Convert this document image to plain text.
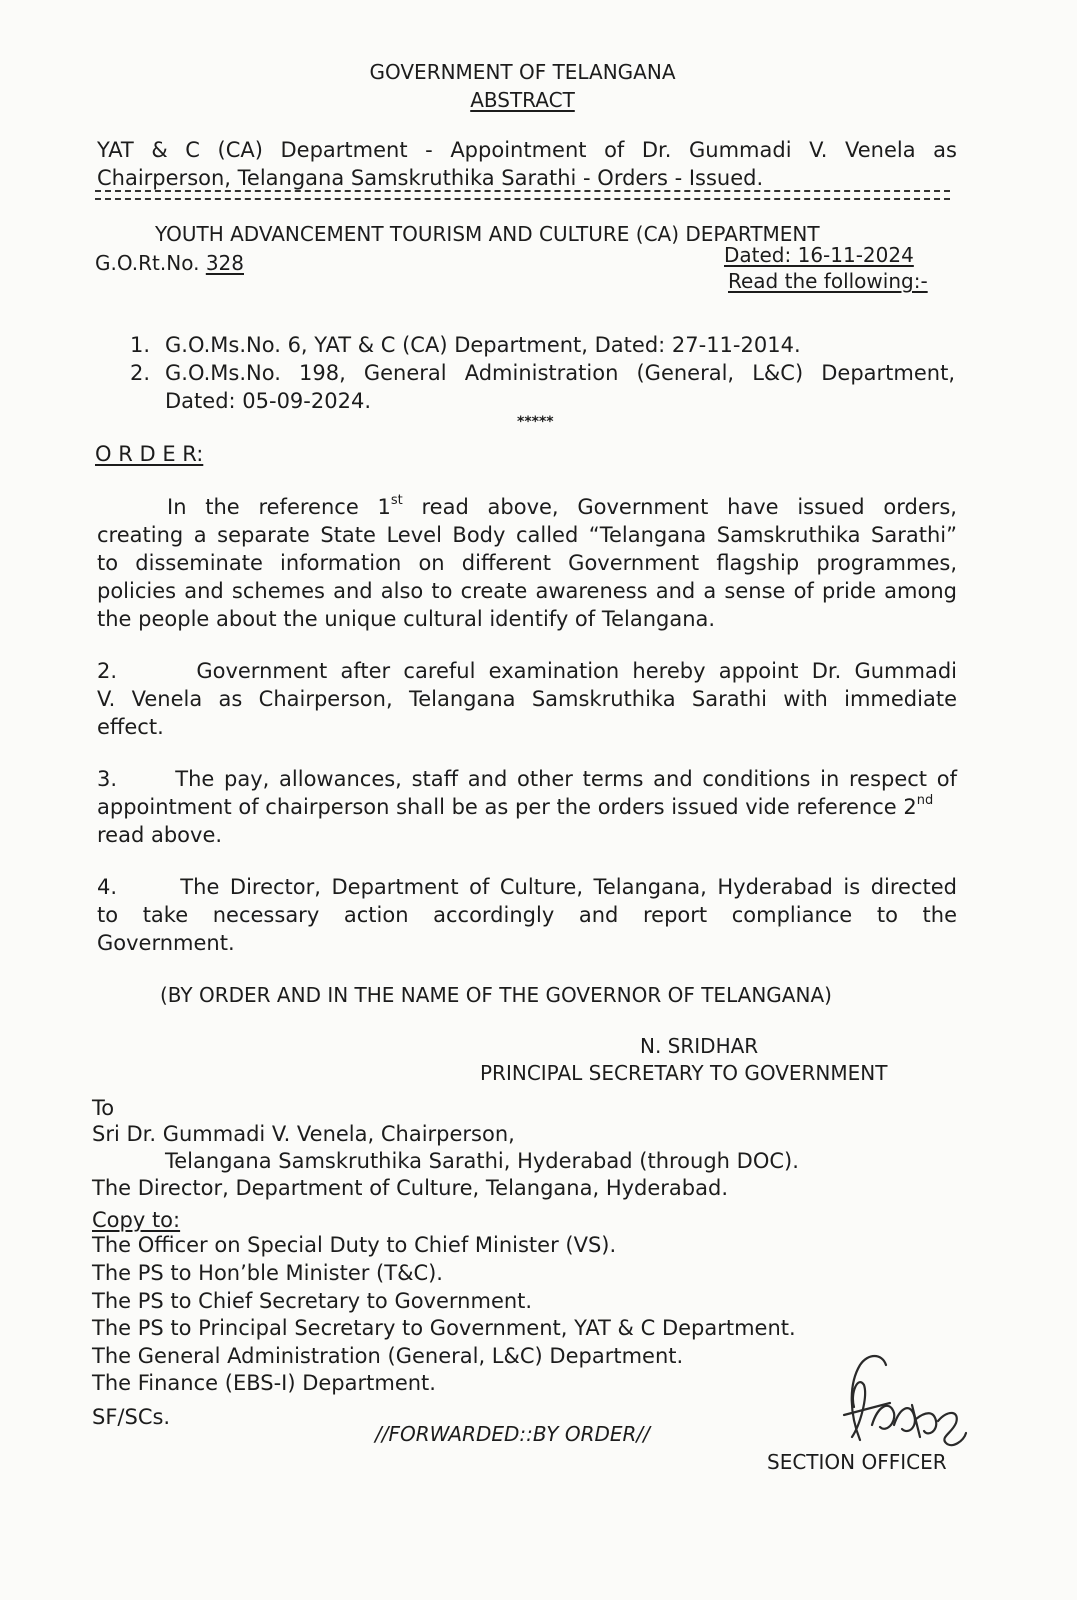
GOVERNMENT OF TELANGANA
ABSTRACT
YAT & C (CA) Department - Appointment of Dr. Gummadi V. Venela as
Chairperson, Telangana Samskruthika Sarathi - Orders - Issued.
YOUTH ADVANCEMENT TOURISM AND CULTURE (CA) DEPARTMENT
G.O.Rt.No. 328	Dated: 16-11-2024
Read the following:-
1. G.O.Ms.No. 6, YAT & C (CA) Department, Dated: 27-11-2014.
2. G.O.Ms.No. 198, General Administration (General, L&C) Department,
Dated: 05-09-2024.
*****
O R D E R:
In the reference 1st read above, Government have issued orders,
creating a separate State Level Body called “Telangana Samskruthika Sarathi”
to disseminate information on different Government flagship programmes,
policies and schemes and also to create awareness and a sense of pride among
the people about the unique cultural identify of Telangana.
2.      Government after careful examination hereby appoint Dr. Gummadi
V. Venela as Chairperson, Telangana Samskruthika Sarathi with immediate
effect.
3.      The pay, allowances, staff and other terms and conditions in respect of
appointment of chairperson shall be as per the orders issued vide reference 2nd
read above.
4.      The Director, Department of Culture, Telangana, Hyderabad is directed
to take necessary action accordingly and report compliance to the
Government.
(BY ORDER AND IN THE NAME OF THE GOVERNOR OF TELANGANA)
N. SRIDHAR
PRINCIPAL SECRETARY TO GOVERNMENT
To
Sri Dr. Gummadi V. Venela, Chairperson,
Telangana Samskruthika Sarathi, Hyderabad (through DOC).
The Director, Department of Culture, Telangana, Hyderabad.
Copy to:
The Officer on Special Duty to Chief Minister (VS).
The PS to Hon’ble Minister (T&C).
The PS to Chief Secretary to Government.
The PS to Principal Secretary to Government, YAT & C Department.
The General Administration (General, L&C) Department.
The Finance (EBS-I) Department.
SF/SCs.
//FORWARDED::BY ORDER//
SECTION OFFICER
